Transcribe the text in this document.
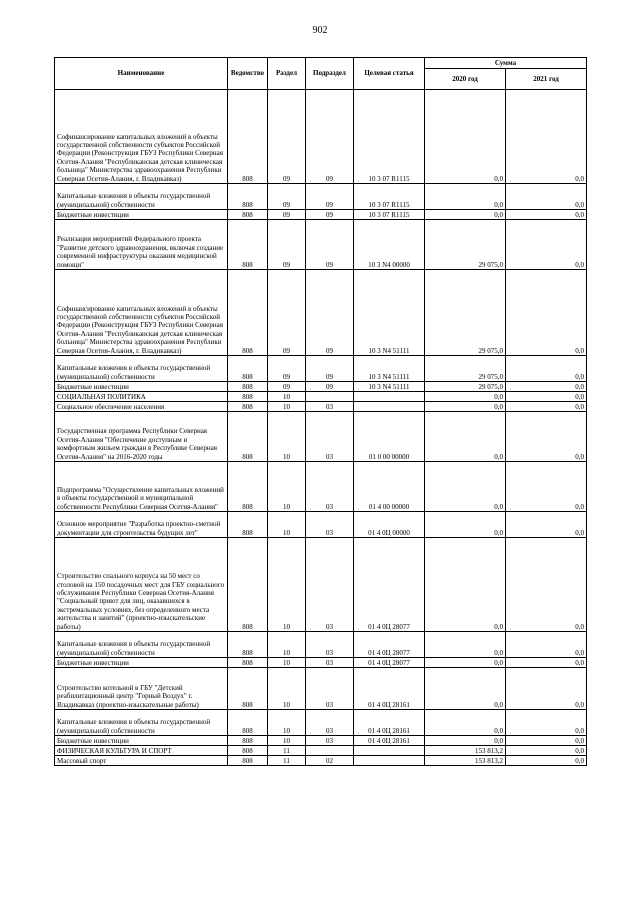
902
Наименование	Ведомство	Раздел	Подраздел	Целевая статья	Сумма	
					2020 год	2021 год
Софинансирование капитальных вложений в объекты государственной собственности субъектов Российской Федерации (Реконструкция ГБУЗ Республики Северная Осетия-Алания "Республиканская детская клиническая больница" Министерства здравоохранения Республики Северная Осетия-Алания, г. Владикавказ)	808	09	09	10 3 07 R1115	0,0	0,0
Капитальные вложения в объекты государственной (муниципальной) собственности	808	09	09	10 3 07 R1115	0,0	0,0
Бюджетные инвестиции	808	09	09	10 3 07 R1115	0,0	0,0
Реализация мероприятий Федерального проекта "Развитие детского здравоохранения, включая создание современной инфраструктуры оказания медицинской помощи"	808	09	09	10 3 N4 00000	29 075,0	0,0
Софинансирование капитальных вложений в объекты государственной собственности субъектов Российской Федерации (Реконструкция ГБУЗ Республики Северная Осетия-Алания "Республиканская детская клиническая больница" Министерства здравоохранения Республики Северная Осетия-Алания, г. Владикавказ)	808	09	09	10 3 N4 51111	29 075,0	0,0
Капитальные вложения в объекты государственной (муниципальной) собственности	808	09	09	10 3 N4 51111	29 075,0	0,0
Бюджетные инвестиции	808	09	09	10 3 N4 51111	29 075,0	0,0
СОЦИАЛЬНАЯ ПОЛИТИКА	808	10			0,0	0,0
Социальное обеспечение населения	808	10	03		0,0	0,0
Государственная программа Республики Северная Осетия-Алания "Обеспечение доступным и комфортным жильем граждан в Республике Северная Осетия-Алания" на 2016-2020 годы	808	10	03	01 0 00 00000	0,0	0,0
Подпрограмма "Осуществление капитальных вложений в объекты государственной и муниципальной собственности Республики Северная Осетия-Алания"	808	10	03	01 4 00 00000	0,0	0,0
Основное мероприятие "Разработка проектно-сметной документации для строительства будущих лет"	808	10	03	01 4 0Ц 00000	0,0	0,0
Строительство спального корпуса на 50 мест со столовой на 150 посадочных мест для ГБУ социального обслуживания Республики Северная Осетия-Алания "Социальный приют для лиц, оказавшихся в экстремальных условиях, без определенного места жительства и занятий" (проектно-изыскательские работы)	808	10	03	01 4 0Ц 28077	0,0	0,0
Капитальные вложения в объекты государственной (муниципальной) собственности	808	10	03	01 4 0Ц 28077	0,0	0,0
Бюджетные инвестиции	808	10	03	01 4 0Ц 28077	0,0	0,0
Строительство котельной в ГБУ "Детский реабилитационный центр "Горный Воздух" г. Владикавказ (проектно-изыскательные работы)	808	10	03	01 4 0Ц 28161	0,0	0,0
Капитальные вложения в объекты государственной (муниципальной) собственности	808	10	03	01 4 0Ц 28161	0,0	0,0
Бюджетные инвестиции	808	10	03	01 4 0Ц 28161	0,0	0,0
ФИЗИЧЕСКАЯ КУЛЬТУРА И СПОРТ	808	11			153 813,2	0,0
Массовый спорт	808	11	02		153 813,2	0,0
